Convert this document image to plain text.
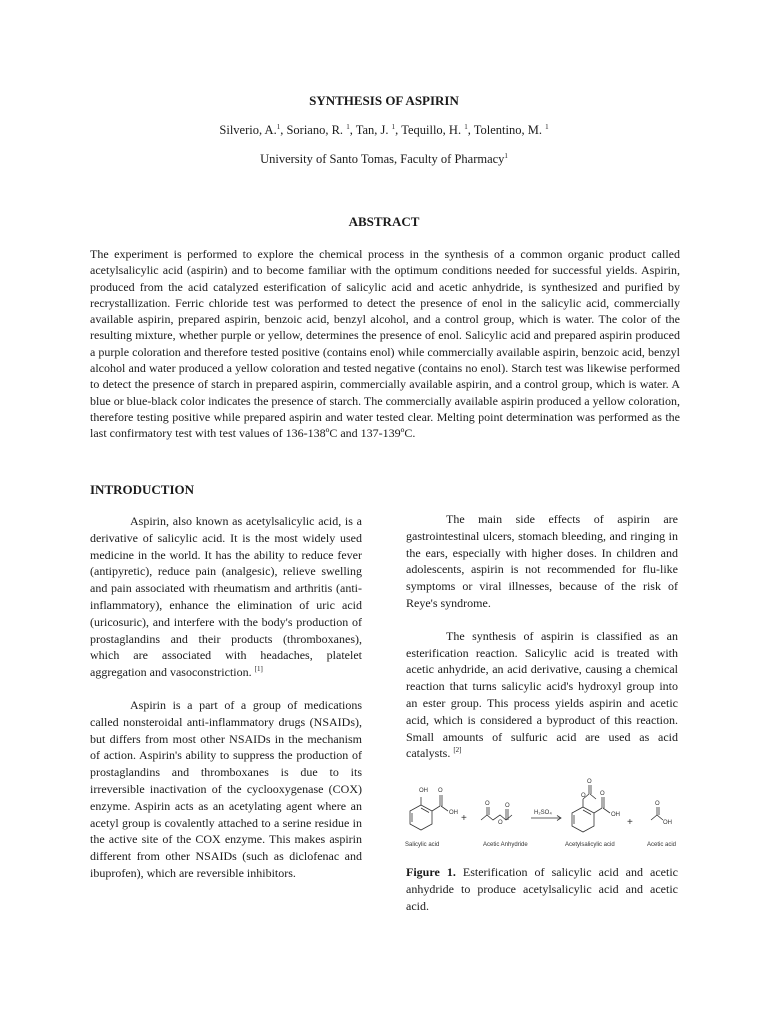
SYNTHESIS OF ASPIRIN
Silverio, A.$^1$, Soriano, R. $^1$, Tan, J. $^1$, Tequillo, H. $^1$, Tolentino, M. $^1$
University of Santo Tomas, Faculty of Pharmacy$^1$
ABSTRACT
The experiment is performed to explore the chemical process in the synthesis of a common organic product called acetylsalicylic acid (aspirin) and to become familiar with the optimum conditions needed for successful yields. Aspirin, produced from the acid catalyzed esterification of salicylic acid and acetic anhydride, is synthesized and purified by recrystallization. Ferric chloride test was performed to detect the presence of enol in the salicylic acid, commercially available aspirin, prepared aspirin, benzoic acid, benzyl alcohol, and a control group, which is water. The color of the resulting mixture, whether purple or yellow, determines the presence of enol. Salicylic acid and prepared aspirin produced a purple coloration and therefore tested positive (contains enol) while commercially available aspirin, benzoic acid, benzyl alcohol and water produced a yellow coloration and tested negative (contains no enol). Starch test was likewise performed to detect the presence of starch in prepared aspirin, commercially available aspirin, and a control group, which is water. A blue or blue-black color indicates the presence of starch. The commercially available aspirin produced a yellow coloration, therefore testing positive while prepared aspirin and water tested clear. Melting point determination was performed as the last confirmatory test with test values of 136-138ºC and 137-139ºC.
INTRODUCTION

Aspirin, also known as acetylsalicylic acid, is a derivative of salicylic acid. It is the most widely used medicine in the world. It has the ability to reduce fever (antipyretic), reduce pain (analgesic), relieve swelling and pain associated with rheumatism and arthritis (anti-inflammatory), enhance the elimination of uric acid (uricosuric), and interfere with the body's production of prostaglandins and their products (thromboxanes), which are associated with headaches, platelet aggregation and vasoconstriction. [1]

Aspirin is a part of a group of medications called nonsteroidal anti-inflammatory drugs (NSAIDs), but differs from most other NSAIDs in the mechanism of action. Aspirin's ability to suppress the production of prostaglandins and thromboxanes is due to its irreversible inactivation of the cyclooxygenase (COX) enzyme. Aspirin acts as an acetylating agent where an acetyl group is covalently attached to a serine residue in the active site of the COX enzyme. This makes aspirin different from other NSAIDs (such as diclofenac and ibuprofen), which are reversible inhibitors.

The main side effects of aspirin are gastrointestinal ulcers, stomach bleeding, and ringing in the ears, especially with higher doses. In children and adolescents, aspirin is not recommended for flu-like symptoms or viral illnesses, because of the risk of Reye's syndrome.

The synthesis of aspirin is classified as an esterification reaction. Salicylic acid is treated with acetic anhydride, an acid derivative, causing a chemical reaction that turns salicylic acid's hydroxyl group into an ester group. This process yields aspirin and acetic acid, which is considered a byproduct of this reaction. Small amounts of sulfuric acid are used as acid catalysts. [2]

OH O
OH +
O
O
O
H₂SO₄
O
O
O
OH
+
O
OH
Salicylic acid	Acetic Anhydride	Acetylsalicylic acid	Acetic acid
Figure 1. Esterification of salicylic acid and acetic anhydride to produce acetylsalicylic acid and acetic acid.
